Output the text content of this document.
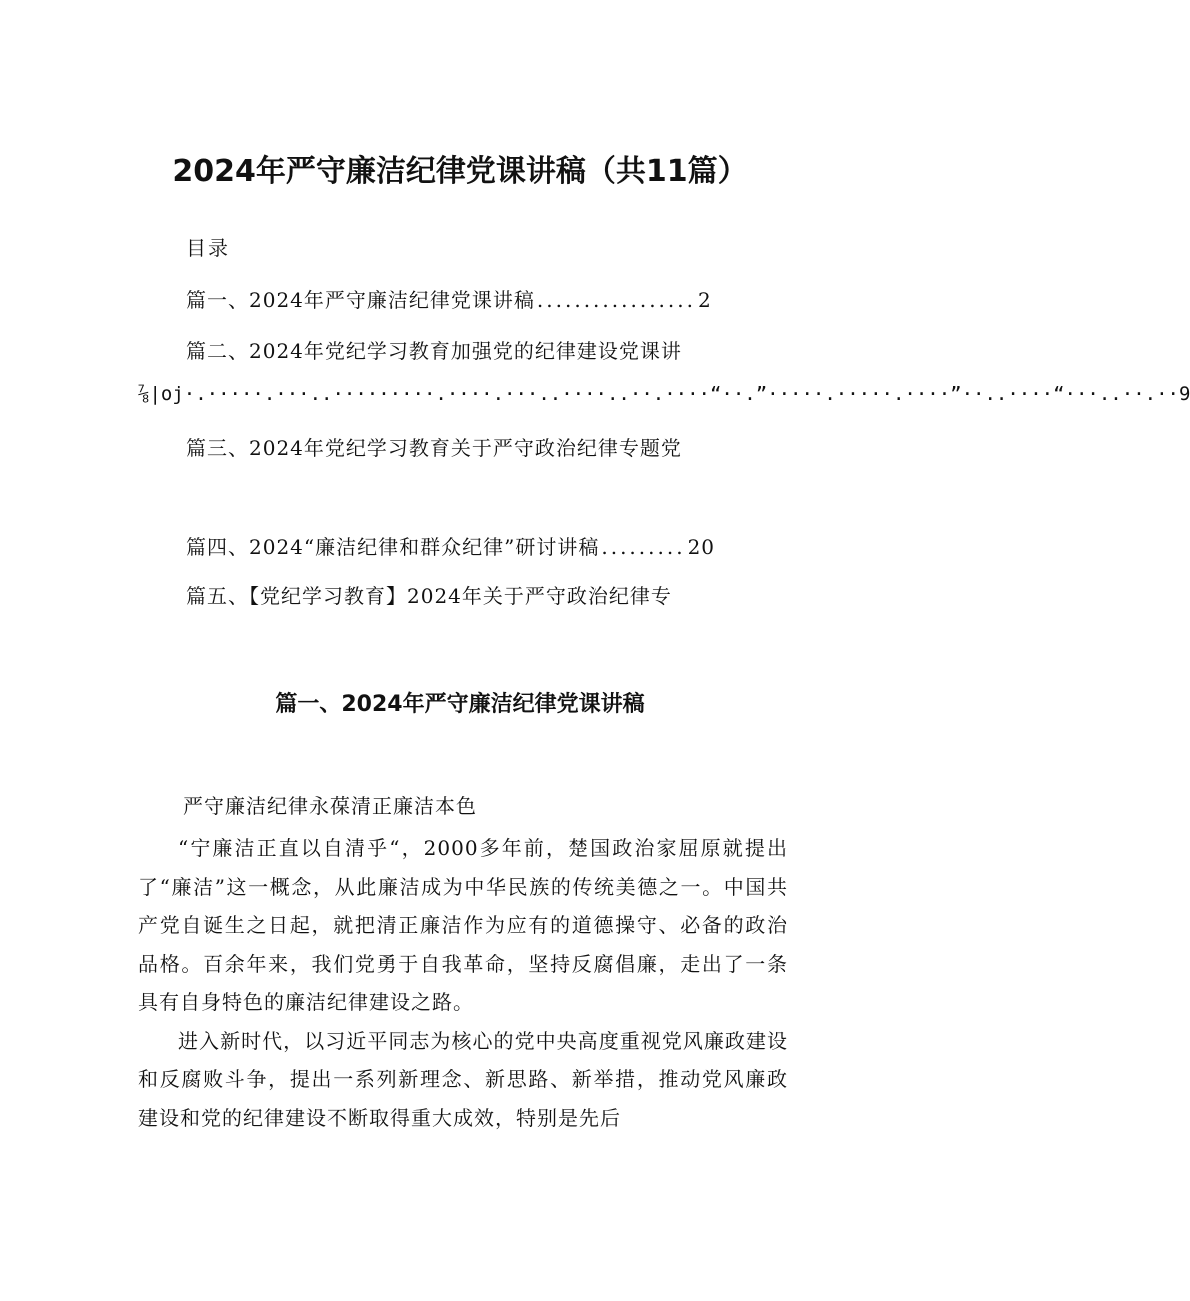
2024年严守廉洁纪律党课讲稿（共11篇）
目录
篇一、2024年严守廉洁纪律党课讲稿 ................. 2
篇二、2024年党纪学习教育加强党的纪律建设党课讲
⅞|oj·.·····.···..·········.····.···..····..··.····“··.”·····.·····.····”··..····“···..··.··9
篇三、2024年党纪学习教育关于严守政治纪律专题党
篇四、2024“廉洁纪律和群众纪律”研讨讲稿 ......... 20
篇五、【党纪学习教育】2024年关于严守政治纪律专
篇一、2024年严守廉洁纪律党课讲稿
严守廉洁纪律永葆清正廉洁本色

“宁廉洁正直以自清乎“，2000多年前，楚国政治家屈原就提出了“廉洁”这一概念，从此廉洁成为中华民族的传统美德之一。中国共产党自诞生之日起，就把清正廉洁作为应有的道德操守、必备的政治品格。百余年来，我们党勇于自我革命，坚持反腐倡廉，走出了一条具有自身特色的廉洁纪律建设之路。

进入新时代，以习近平同志为核心的党中央高度重视党风廉政建设和反腐败斗争，提出一系列新理念、新思路、新举措，推动党风廉政建设和党的纪律建设不断取得重大成效，特别是先后
